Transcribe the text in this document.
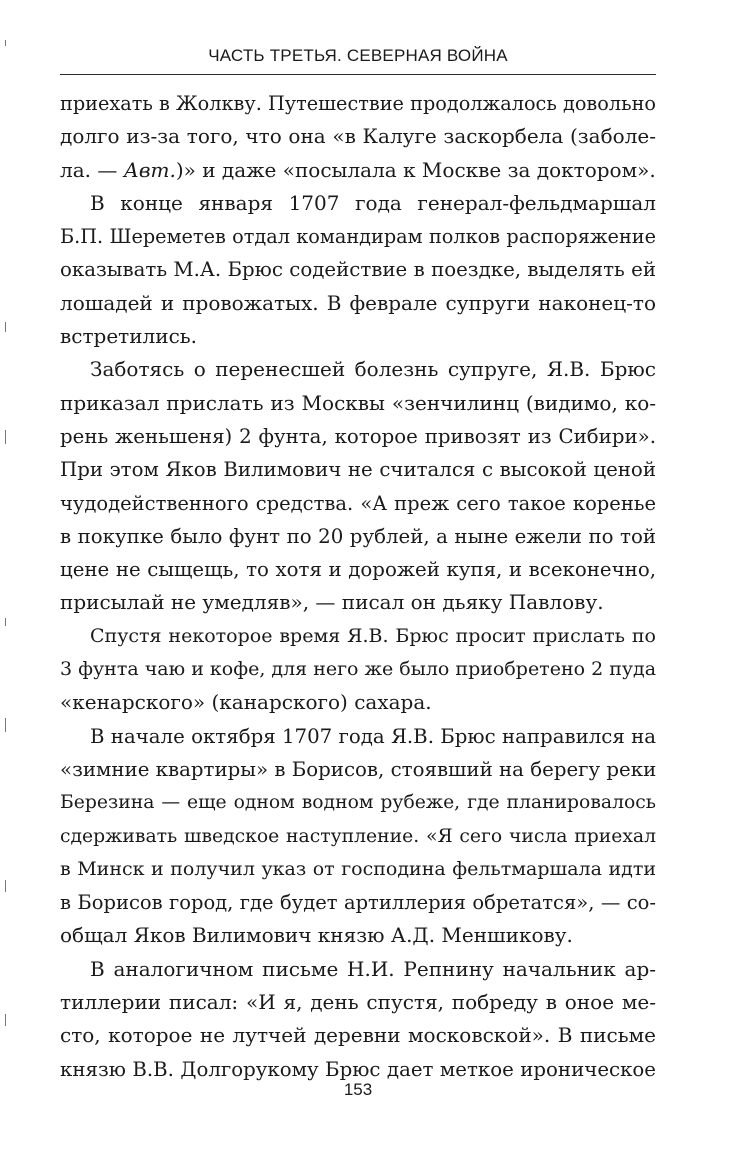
ЧАСТЬ ТРЕТЬЯ. СЕВЕРНАЯ ВОЙНА
приехать в Жолкву. Путешествие продолжалось довольно
долго из-за того, что она «в Калуге заскорбела (заболе-
ла. — Авт.)» и даже «посылала к Москве за доктором».
В конце января 1707 года генерал-фельдмаршал
Б.П. Шереметев отдал командирам полков распоряжение
оказывать М.А. Брюс содействие в поездке, выделять ей
лошадей и провожатых. В феврале супруги наконец-то
встретились.
Заботясь о перенесшей болезнь супруге, Я.В. Брюс
приказал прислать из Москвы «зенчилинц (видимо, ко-
рень женьшеня) 2 фунта, которое привозят из Сибири».
При этом Яков Вилимович не считался с высокой ценой
чудодейственного средства. «А преж сего такое коренье
в покупке было фунт по 20 рублей, а ныне ежели по той
цене не сыщещь, то хотя и дорожей купя, и всеконечно,
присылай не умедляв», — писал он дьяку Павлову.
Спустя некоторое время Я.В. Брюс просит прислать по
3 фунта чаю и кофе, для него же было приобретено 2 пуда
«кенарского» (канарского) сахара.
В начале октября 1707 года Я.В. Брюс направился на
«зимние квартиры» в Борисов, стоявший на берегу реки
Березина — еще одном водном рубеже, где планировалось
сдерживать шведское наступление. «Я сего числа приехал
в Минск и получил указ от господина фельтмаршала идти
в Борисов город, где будет артиллерия обретатся», — со-
общал Яков Вилимович князю А.Д. Меншикову.
В аналогичном письме Н.И. Репнину начальник ар-
тиллерии писал: «И я, день спустя, побреду в оное ме-
сто, которое не лутчей деревни московской». В письме
князю В.В. Долгорукому Брюс дает меткое ироническое
153
